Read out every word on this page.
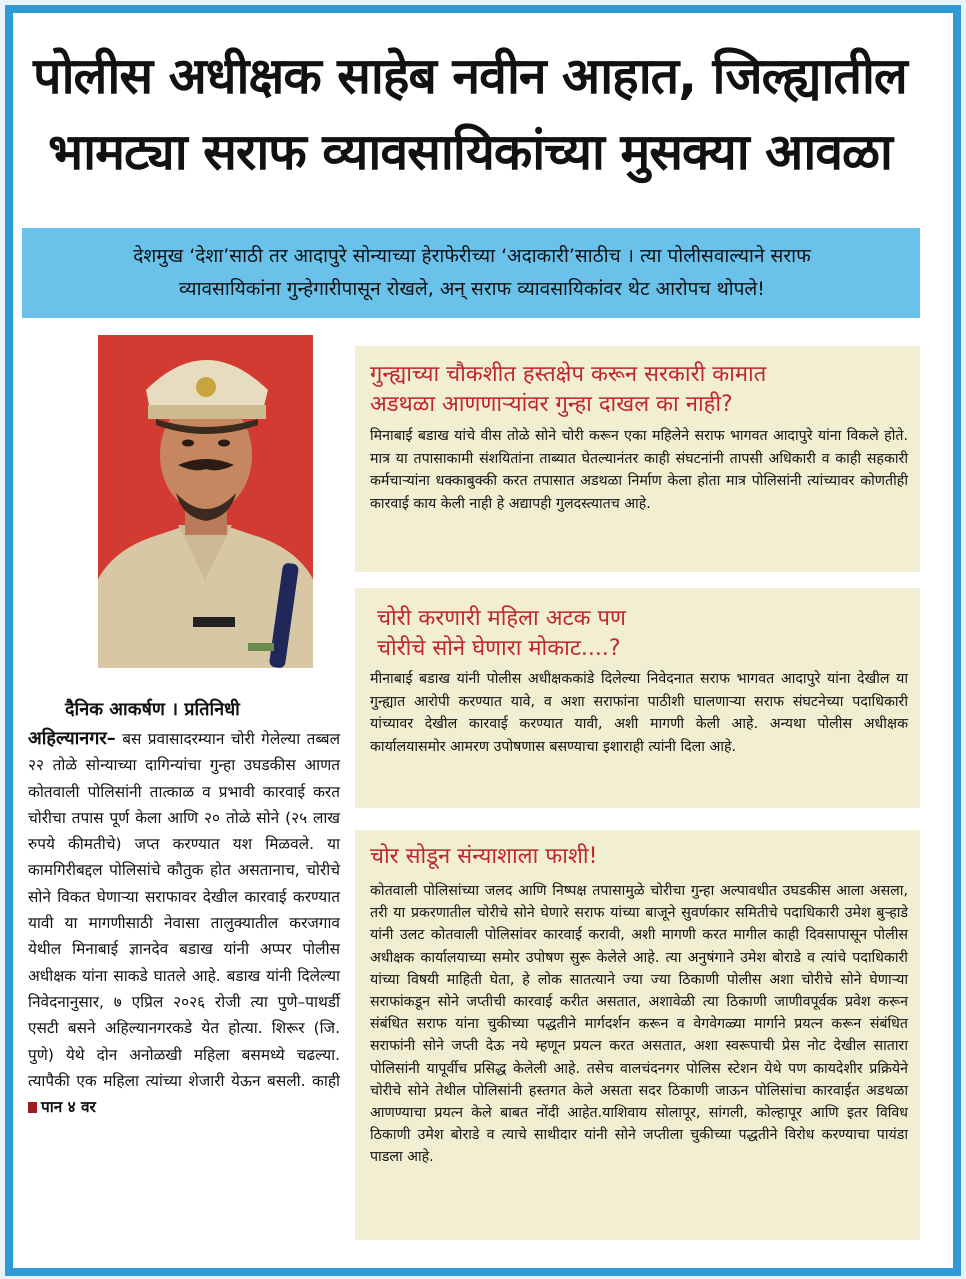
पोलीस अधीक्षक साहेब नवीन आहात, जिल्ह्यातील
भामट्या सराफ व्यावसायिकांच्या मुसक्या आवळा
देशमुख ‘देशा’साठी तर आदापुरे सोन्याच्या हेराफेरीच्या ‘अदाकारी’साठीच । त्या पोलीसवाल्याने सराफ
व्यावसायिकांना गुन्हेगारीपासून रोखले, अन् सराफ व्यावसायिकांवर थेट आरोपच थोपले!
दैनिक आकर्षण । प्रतिनिधी
अहिल्यानगर– बस प्रवासादरम्यान चोरी गेलेल्या तब्बल २२ तोळे सोन्याच्या दागिन्यांचा गुन्हा उघडकीस आणत कोतवाली पोलिसांनी तात्काळ व प्रभावी कारवाई करत चोरीचा तपास पूर्ण केला आणि २० तोळे सोने (२५ लाख रुपये कीमतीचे) जप्त करण्यात यश मिळवले. या कामगिरीबद्दल पोलिसांचे कौतुक होत असतानाच, चोरीचे सोने विकत घेणाऱ्या सराफावर देखील कारवाई करण्यात यावी या मागणीसाठी नेवासा तालुक्यातील करजगाव येथील मिनाबाई ज्ञानदेव बडाख यांनी अप्पर पोलीस अधीक्षक यांना साकडे घातले आहे. बडाख यांनी दिलेल्या निवेदनानुसार, ७ एप्रिल २०२६ रोजी त्या पुणे–पाथर्डी एसटी बसने अहिल्यानगरकडे येत होत्या. शिरूर (जि. पुणे) येथे दोन अनोळखी महिला बसमध्ये चढल्या. त्यापैकी एक महिला त्यांच्या शेजारी येऊन बसली. काही पान ४ वर
गुन्ह्याच्या चौकशीत हस्तक्षेप करून सरकारी कामात
अडथळा आणणाऱ्यांवर गुन्हा दाखल का नाही?

मिनाबाई बडाख यांचे वीस तोळे सोने चोरी करून एका महिलेने सराफ भागवत आदापुरे यांना विकले होते. मात्र या तपासाकामी संशयितांना ताब्यात घेतल्यानंतर काही संघटनांनी तापसी अधिकारी व काही सहकारी कर्मचाऱ्यांना धक्काबुक्की करत तपासात अडथळा निर्माण केला होता मात्र पोलिसांनी त्यांच्यावर कोणतीही कारवाई काय केली नाही हे अद्यापही गुलदस्त्यातच आहे.

चोरी करणारी महिला अटक पण
चोरीचे सोने घेणारा मोकाट....?

मीनाबाई बडाख यांनी पोलीस अधीक्षककांडे दिलेल्या निवेदनात सराफ भागवत आदापुरे यांना देखील या गुन्ह्यात आरोपी करण्यात यावे, व अशा सराफांना पाठीशी घालणाऱ्या सराफ संघटनेच्या पदाधिकारी यांच्यावर देखील कारवाई करण्यात यावी, अशी मागणी केली आहे. अन्यथा पोलीस अधीक्षक कार्यालयासमोर आमरण उपोषणास बसण्याचा इशाराही त्यांनी दिला आहे.

चोर सोडून संन्याशाला फाशी!

कोतवाली पोलिसांच्या जलद आणि निष्पक्ष तपासामुळे चोरीचा गुन्हा अल्पावधीत उघडकीस आला असला, तरी या प्रकरणातील चोरीचे सोने घेणारे सराफ यांच्या बाजूने सुवर्णकार समितीचे पदाधिकारी उमेश बुऱ्हाडे यांनी उलट कोतवाली पोलिसांवर कारवाई करावी, अशी मागणी करत मागील काही दिवसापासून पोलीस अधीक्षक कार्यालयाच्या समोर उपोषण सुरू केलेले आहे. त्या अनुषंगाने उमेश बोराडे व त्यांचे पदाधिकारी यांच्या विषयी माहिती घेता, हे लोक सातत्याने ज्या ज्या ठिकाणी पोलीस अशा चोरीचे सोने घेणाऱ्या सराफांकडून सोने जप्तीची कारवाई करीत असतात, अशावेळी त्या ठिकाणी जाणीवपूर्वक प्रवेश करून संबंधित सराफ यांना चुकीच्या पद्धतीने मार्गदर्शन करून व वेगवेगळ्या मार्गाने प्रयत्न करून संबंधित सराफांनी सोने जप्ती देऊ नये म्हणून प्रयत्न करत असतात, अशा स्वरूपाची प्रेस नोट देखील सातारा पोलिसांनी यापूर्वीच प्रसिद्ध केलेली आहे. तसेच वालचंदनगर पोलिस स्टेशन येथे पण कायदेशीर प्रक्रियेने चोरीचे सोने तेथील पोलिसांनी हस्तगत केले असता सदर ठिकाणी जाऊन पोलिसांचा कारवाईत अडथळा आणण्याचा प्रयत्न केले बाबत नोंदी आहेत.याशिवाय सोलापूर, सांगली, कोल्हापूर आणि इतर विविध ठिकाणी उमेश बोराडे व त्याचे साथीदार यांनी सोने जप्तीला चुकीच्या पद्धतीने विरोध करण्याचा पायंडा पाडला आहे.
